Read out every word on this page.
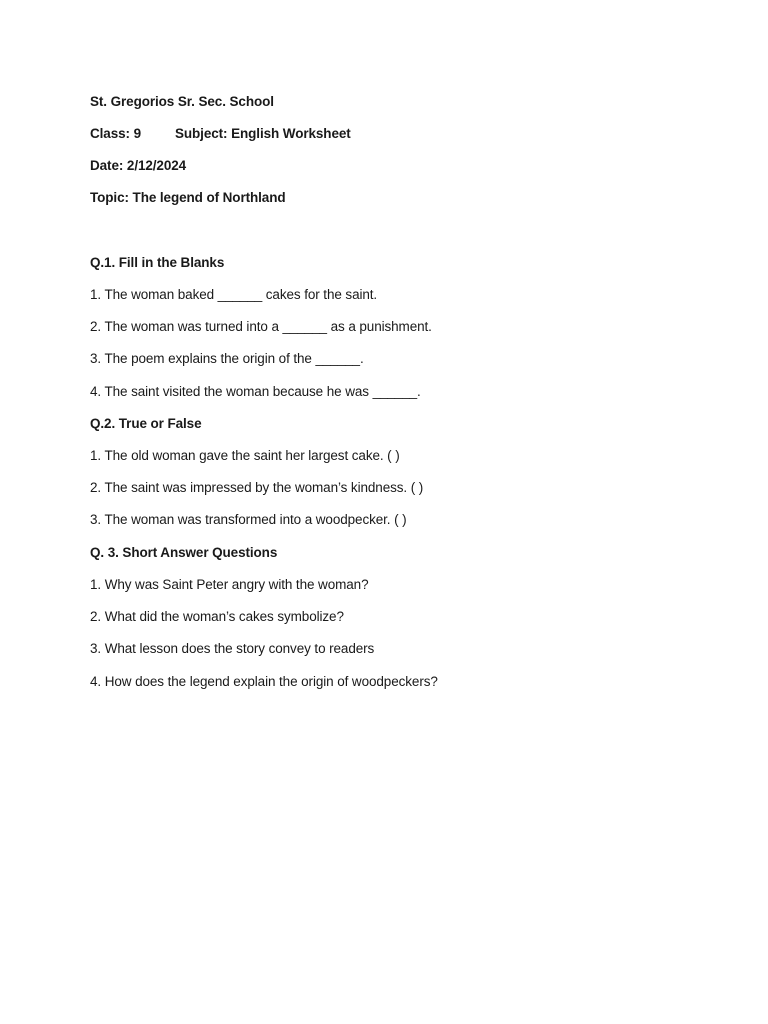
St. Gregorios Sr. Sec. School
Class: 9	Subject: English Worksheet
Date: 2/12/2024
Topic: The legend of Northland
Q.1. Fill in the Blanks
1. The woman baked ______ cakes for the saint.
2. The woman was turned into a ______ as a punishment.
3. The poem explains the origin of the ______.
4. The saint visited the woman because he was ______.
Q.2. True or False
1. The old woman gave the saint her largest cake. ( )
2. The saint was impressed by the woman’s kindness. ( )
3. The woman was transformed into a woodpecker. ( )
Q. 3. Short Answer Questions
1. Why was Saint Peter angry with the woman?
2. What did the woman’s cakes symbolize?
3. What lesson does the story convey to readers
4. How does the legend explain the origin of woodpeckers?
